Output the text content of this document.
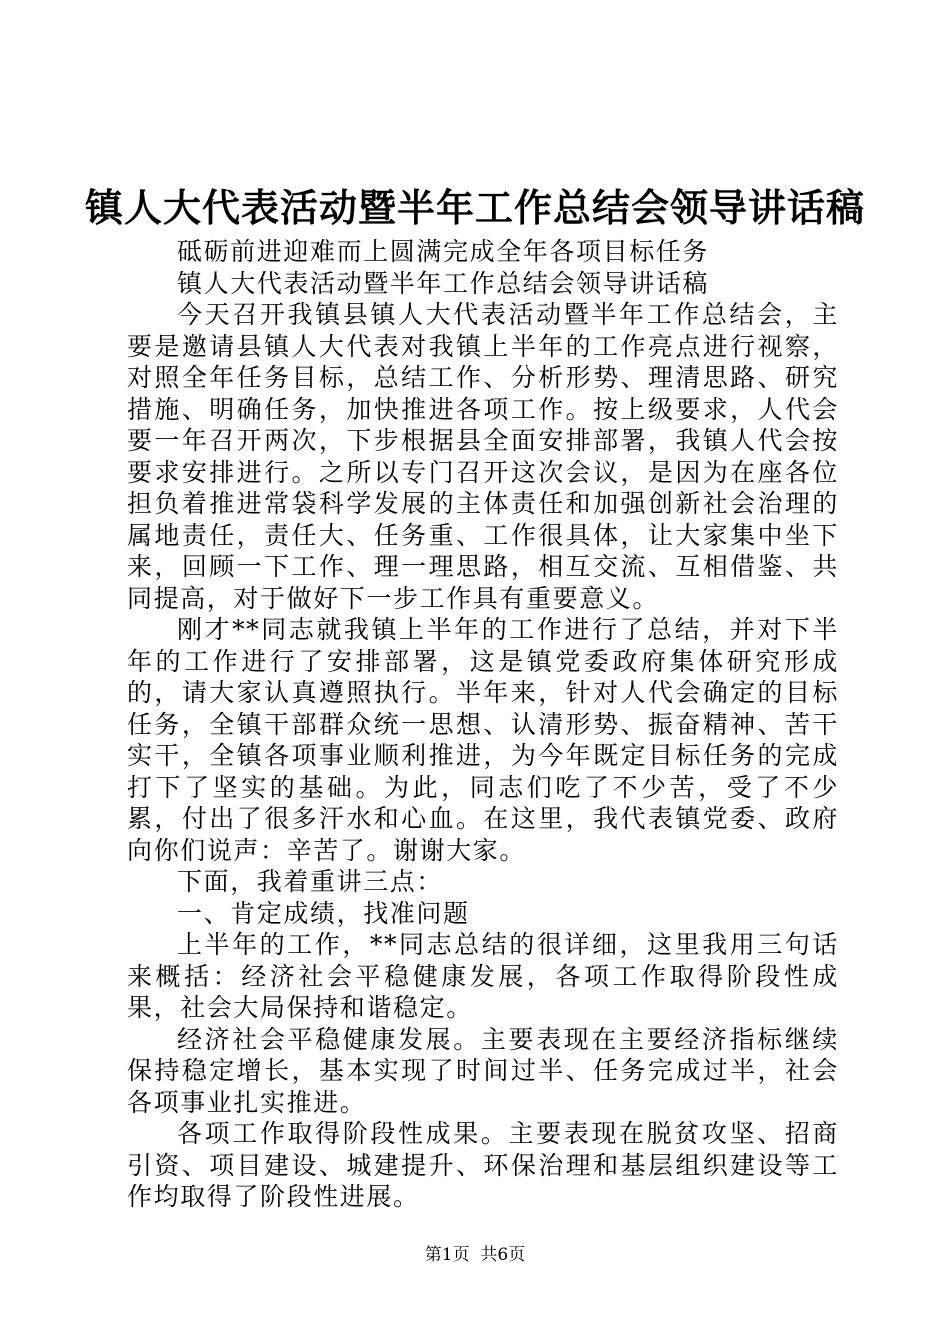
镇人大代表活动暨半年工作总结会领导讲话稿

砥砺前进迎难而上圆满完成全年各项目标任务

镇人大代表活动暨半年工作总结会领导讲话稿

今天召开我镇县镇人大代表活动暨半年工作总结会，主要是邀请县镇人大代表对我镇上半年的工作亮点进行视察，对照全年任务目标，总结工作、分析形势、理清思路、研究措施、明确任务，加快推进各项工作。按上级要求，人代会要一年召开两次，下步根据县全面安排部署，我镇人代会按要求安排进行。之所以专门召开这次会议，是因为在座各位担负着推进常袋科学发展的主体责任和加强创新社会治理的属地责任，责任大、任务重、工作很具体，让大家集中坐下来，回顾一下工作、理一理思路，相互交流、互相借鉴、共同提高，对于做好下一步工作具有重要意义。

刚才**同志就我镇上半年的工作进行了总结，并对下半年的工作进行了安排部署，这是镇党委政府集体研究形成的，请大家认真遵照执行。半年来，针对人代会确定的目标任务，全镇干部群众统一思想、认清形势、振奋精神、苦干实干，全镇各项事业顺利推进，为今年既定目标任务的完成打下了坚实的基础。为此，同志们吃了不少苦，受了不少累，付出了很多汗水和心血。在这里，我代表镇党委、政府向你们说声：辛苦了。谢谢大家。

下面，我着重讲三点：

一、肯定成绩，找准问题

上半年的工作，**同志总结的很详细，这里我用三句话来概括：经济社会平稳健康发展，各项工作取得阶段性成果，社会大局保持和谐稳定。

经济社会平稳健康发展。主要表现在主要经济指标继续保持稳定增长，基本实现了时间过半、任务完成过半，社会各项事业扎实推进。

各项工作取得阶段性成果。主要表现在脱贫攻坚、招商引资、项目建设、城建提升、环保治理和基层组织建设等工作均取得了阶段性进展。

第1页  共6页
